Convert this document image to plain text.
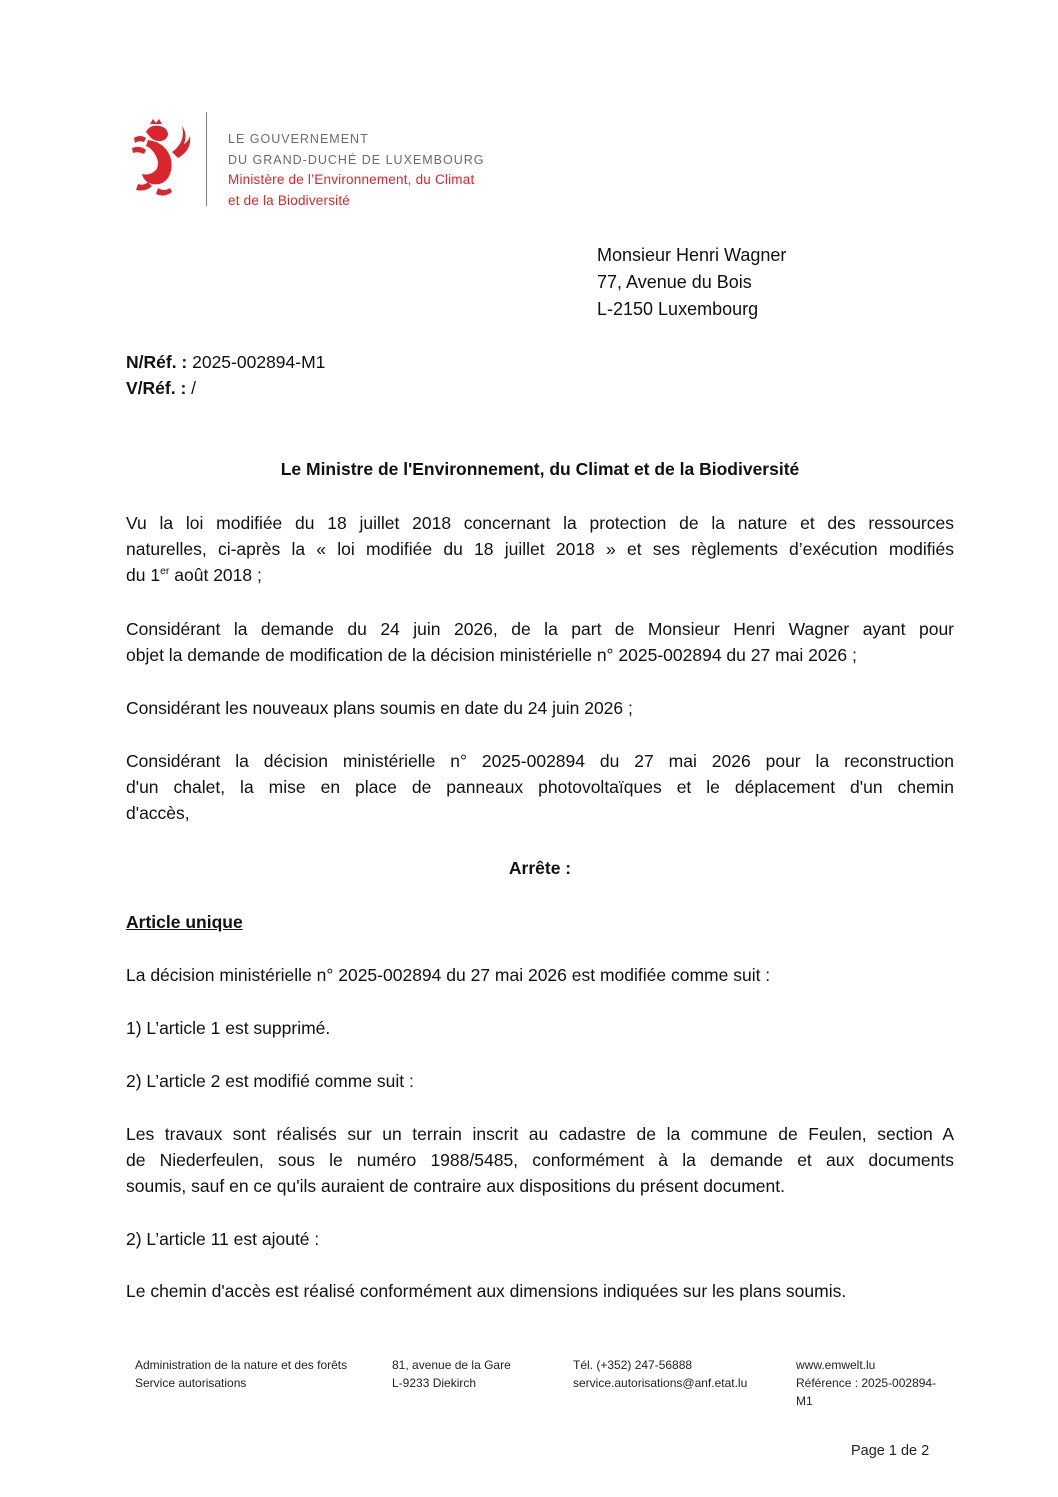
LE GOUVERNEMENT
DU GRAND-DUCHÉ DE LUXEMBOURG
Ministère de l’Environnement, du Climat
et de la Biodiversité
Monsieur Henri Wagner
77, Avenue du Bois
L-2150 Luxembourg
N/Réf. : 2025-002894-M1
V/Réf. : /
Le Ministre de l'Environnement, du Climat et de la Biodiversité
Vu la loi modifiée du 18 juillet 2018 concernant la protection de la nature et des ressources
naturelles, ci-après la « loi modifiée du 18 juillet 2018 » et ses règlements d’exécution modifiés
du 1er août 2018 ;
Considérant la demande du 24 juin 2026, de la part de Monsieur Henri Wagner ayant pour
objet la demande de modification de la décision ministérielle n° 2025-002894 du 27 mai 2026 ;
Considérant les nouveaux plans soumis en date du 24 juin 2026 ;
Considérant la décision ministérielle n° 2025-002894 du 27 mai 2026 pour la reconstruction
d'un chalet, la mise en place de panneaux photovoltaïques et le déplacement d'un chemin
d'accès,
Arrête :
Article unique
La décision ministérielle n° 2025-002894 du 27 mai 2026 est modifiée comme suit :
1) L’article 1 est supprimé.
2) L’article 2 est modifié comme suit :
Les travaux sont réalisés sur un terrain inscrit au cadastre de la commune de Feulen, section A
de Niederfeulen, sous le numéro 1988/5485, conformément à la demande et aux documents
soumis, sauf en ce qu'ils auraient de contraire aux dispositions du présent document.
2) L’article 11 est ajouté :
Le chemin d'accès est réalisé conformément aux dimensions indiquées sur les plans soumis.
Administration de la nature et des forêts
Service autorisations
81, avenue de la Gare
L-9233 Diekirch
Tél. (+352) 247-56888
service.autorisations@anf.etat.lu
www.emwelt.lu
Référence : 2025-002894-
M1
Page 1 de 2
